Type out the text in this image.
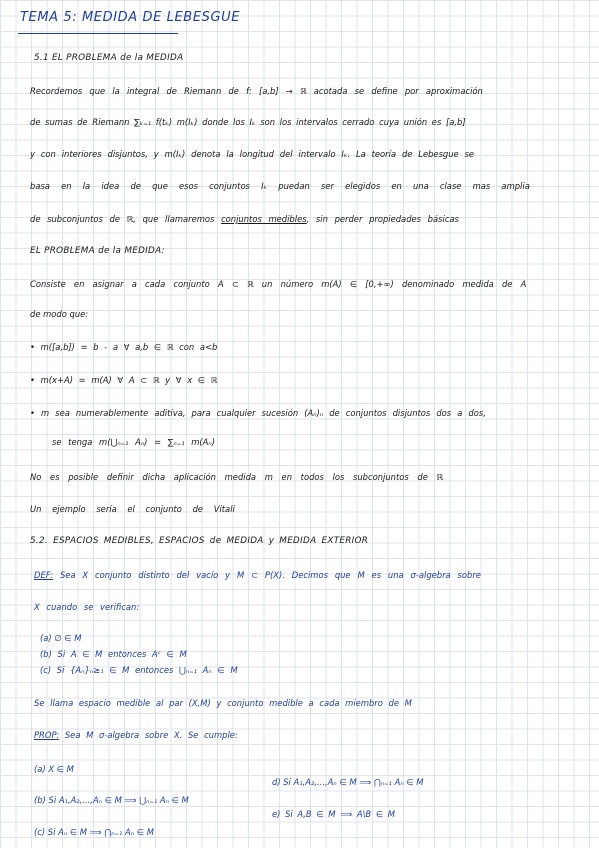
TEMA 5: MEDIDA DE LEBESGUE
5.1 EL PROBLEMA de la MEDIDA
Recordemos que la integral de Riemann de f: [a,b] → ℝ acotada se define por aproximación
de sumas de Riemann ∑ₖ₌₁ f(tₖ) m(Iₖ) donde los Iₖ son los intervalos cerrado cuya unión es [a,b]
y con interiores disjuntos, y m(Iₖ) denota la longitud del intervalo Iₖ. La teoría de Lebesgue se
basa en la idea de que esos conjuntos Iₖ puedan ser elegidos en una clase mas amplia
de subconjuntos de ℝ, que llamaremos conjuntos medibles, sin perder propiedades básicas
EL PROBLEMA de la MEDIDA:
Consiste en asignar a cada conjunto A ⊂ ℝ un número m(A) ∈ [0,+∞) denominado medida de A
de modo que:
• m([a,b]) = b - a ∀ a,b ∈ ℝ con a<b
• m(x+A) = m(A) ∀ A ⊂ ℝ y ∀ x ∈ ℝ
• m sea numerablemente aditiva, para cualquier sucesión (Aₙ)ₙ de conjuntos disjuntos dos a dos,
se tenga m(⋃ₙ₌₁ Aₙ) = ∑ₙ₌₁ m(Aₙ)
No es posible definir dicha aplicación medida m en todos los subconjuntos de ℝ
Un ejemplo sería el conjunto de Vitali
5.2. ESPACIOS MEDIBLES, ESPACIOS de MEDIDA y MEDIDA EXTERIOR
DEF: Sea X conjunto distinto del vacío y M ⊂ P(X). Decimos que M es una σ-algebra sobre
X cuando se verifican:
(a) ∅ ∈ M
(b) Si A ∈ M entonces Aᶜ ∈ M
(c) Si {Aₙ}ₙ≥₁ ∈ M entonces ⋃ₙ₌₁ Aₙ ∈ M
Se llama espacio medible al par (X,M) y conjunto medible a cada miembro de M
PROP: Sea M σ-algebra sobre X. Se cumple:
(a) X ∈ M
(b) Si A₁,A₂,...,Aₙ ∈ M ⟹ ⋃ₙ₌₁ Aₙ ∈ M
(c) Si Aₙ ∈ M ⟹ ⋂ₙ₌₁ Aₙ ∈ M
d) Si A₁,A₂,...,Aₙ ∈ M ⟹ ⋂ₙ₌₁ Aₙ ∈ M
e) Si A,B ∈ M ⟹ A\B ∈ M
